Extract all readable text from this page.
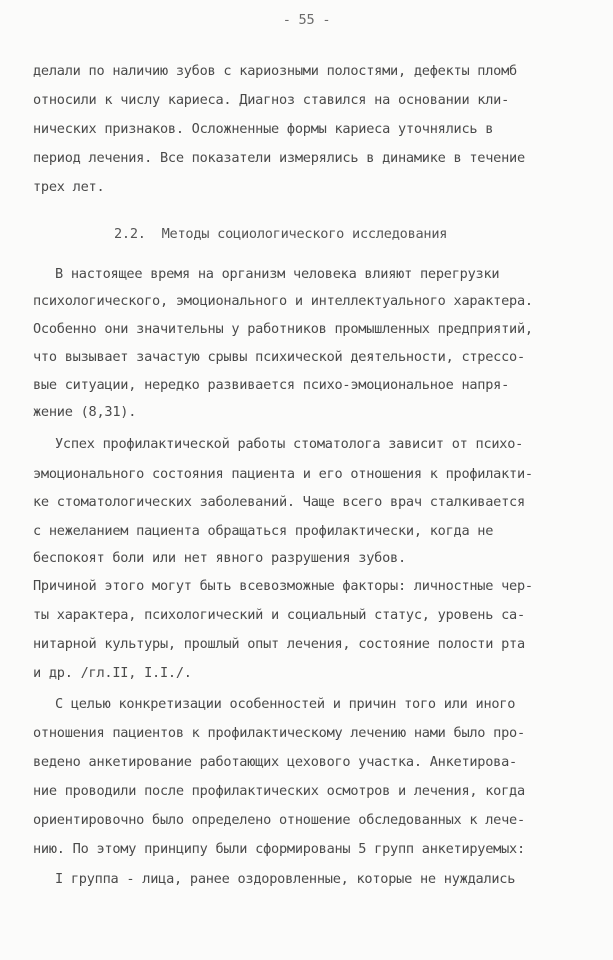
- 55 -
делали по наличию зубов с кариозными полостями, дефекты пломб
относили к числу кариеса. Диагноз ставился на основании кли-
нических признаков. Осложненные формы кариеса уточнялись в
период лечения. Все показатели измерялись в динамике в течение
трех лет.
2.2.  Методы социологического исследования
В настоящее время на организм человека влияют перегрузки
психологического, эмоционального и интеллектуального характера.
Особенно они значительны у работников промышленных предприятий,
что вызывает зачастую срывы психической деятельности, стрессо-
вые ситуации, нередко развивается психо-эмоциональное напря-
жение (8,31).
Успех профилактической работы стоматолога зависит от психо-
эмоционального состояния пациента и его отношения к профилакти-
ке стоматологических заболеваний. Чаще всего врач сталкивается
с нежеланием пациента обращаться профилактически, когда не
беспокоят боли или нет явного разрушения зубов.
Причиной этого могут быть всевозможные факторы: личностные чер-
ты характера, психологический и социальный статус, уровень са-
нитарной культуры, прошлый опыт лечения, состояние полости рта
и др. /гл.II, I.I./.
С целью конкретизации особенностей и причин того или иного
отношения пациентов к профилактическому лечению нами было про-
ведено анкетирование работающих цехового участка. Анкетирова-
ние проводили после профилактических осмотров и лечения, когда
ориентировочно было определено отношение обследованных к лече-
нию. По этому принципу были сформированы 5 групп анкетируемых:
I группа - лица, ранее оздоровленные, которые не нуждались
